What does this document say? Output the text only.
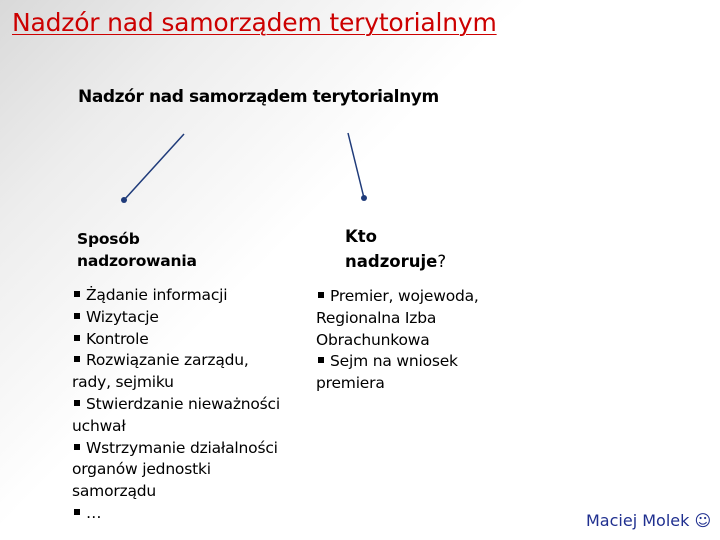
Nadzór nad samorządem terytorialnym
Nadzór nad samorządem terytorialnym
Sposób
nadzorowania
Kto
nadzoruje?
Żądanie informacji
Wizytacje
Kontrole
Rozwiązanie zarządu, rady, sejmiku
Stwierdzanie nieważności uchwał
Wstrzymanie działalności organów jednostki samorządu
…
Premier, wojewoda, Regionalna Izba Obrachunkowa
Sejm na wniosek premiera
Maciej Molek ☺
